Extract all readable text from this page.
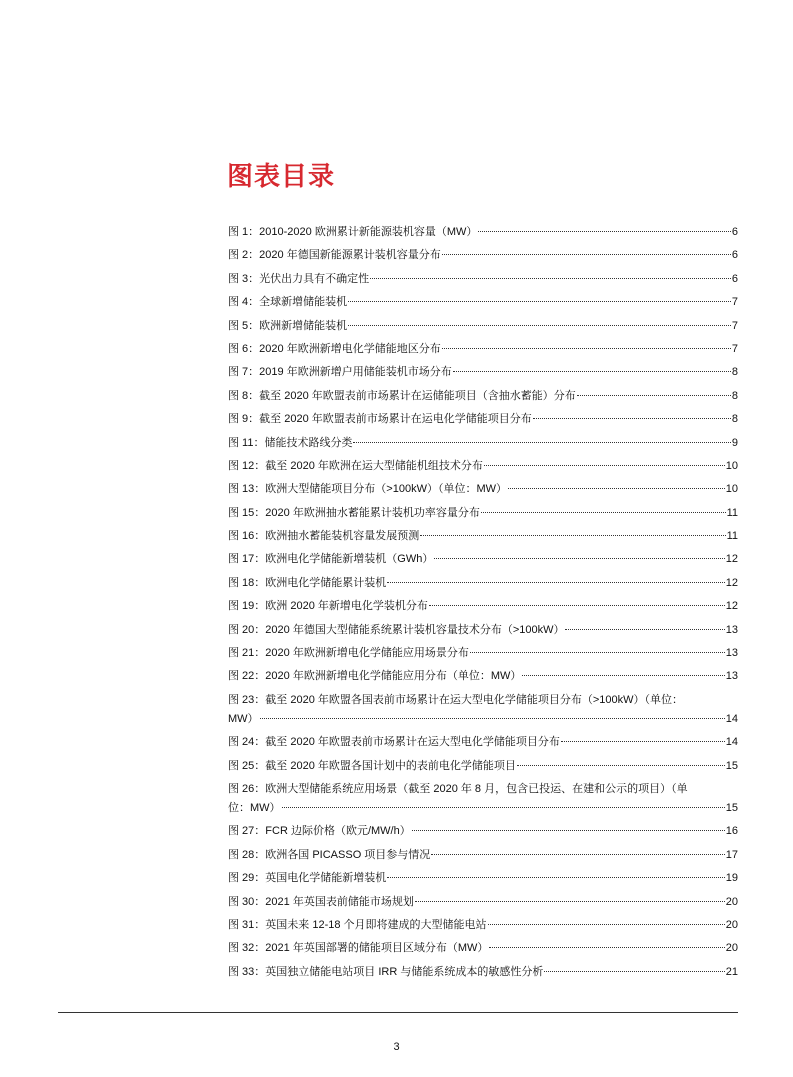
图表目录
图 1：2010-2020 欧洲累计新能源装机容量（MW）	6
图 2：2020 年德国新能源累计装机容量分布	6
图 3：光伏出力具有不确定性	6
图 4：全球新增储能装机	7
图 5：欧洲新增储能装机	7
图 6：2020 年欧洲新增电化学储能地区分布	7
图 7：2019 年欧洲新增户用储能装机市场分布	8
图 8：截至 2020 年欧盟表前市场累计在运储能项目（含抽水蓄能）分布	8
图 9：截至 2020 年欧盟表前市场累计在运电化学储能项目分布	8
图 11：储能技术路线分类	9
图 12：截至 2020 年欧洲在运大型储能机组技术分布	10
图 13：欧洲大型储能项目分布（>100kW）（单位：MW）	10
图 15：2020 年欧洲抽水蓄能累计装机功率容量分布	11
图 16：欧洲抽水蓄能装机容量发展预测	11
图 17：欧洲电化学储能新增装机（GWh）	12
图 18：欧洲电化学储能累计装机	12
图 19：欧洲 2020 年新增电化学装机分布	12
图 20：2020 年德国大型储能系统累计装机容量技术分布（>100kW）	13
图 21：2020 年欧洲新增电化学储能应用场景分布	13
图 22：2020 年欧洲新增电化学储能应用分布（单位：MW）	13
图 23：截至 2020 年欧盟各国表前市场累计在运大型电化学储能项目分布（>100kW）（单位：
MW）	14
图 24：截至 2020 年欧盟表前市场累计在运大型电化学储能项目分布	14
图 25：截至 2020 年欧盟各国计划中的表前电化学储能项目	15
图 26：欧洲大型储能系统应用场景（截至 2020 年 8 月，包含已投运、在建和公示的项目）（单
位：MW）	15
图 27：FCR 边际价格（欧元/MW/h）	16
图 28：欧洲各国 PICASSO 项目参与情况	17
图 29：英国电化学储能新增装机	19
图 30：2021 年英国表前储能市场规划	20
图 31：英国未来 12-18 个月即将建成的大型储能电站	20
图 32：2021 年英国部署的储能项目区域分布（MW）	20
图 33：英国独立储能电站项目 IRR 与储能系统成本的敏感性分析	21
3
